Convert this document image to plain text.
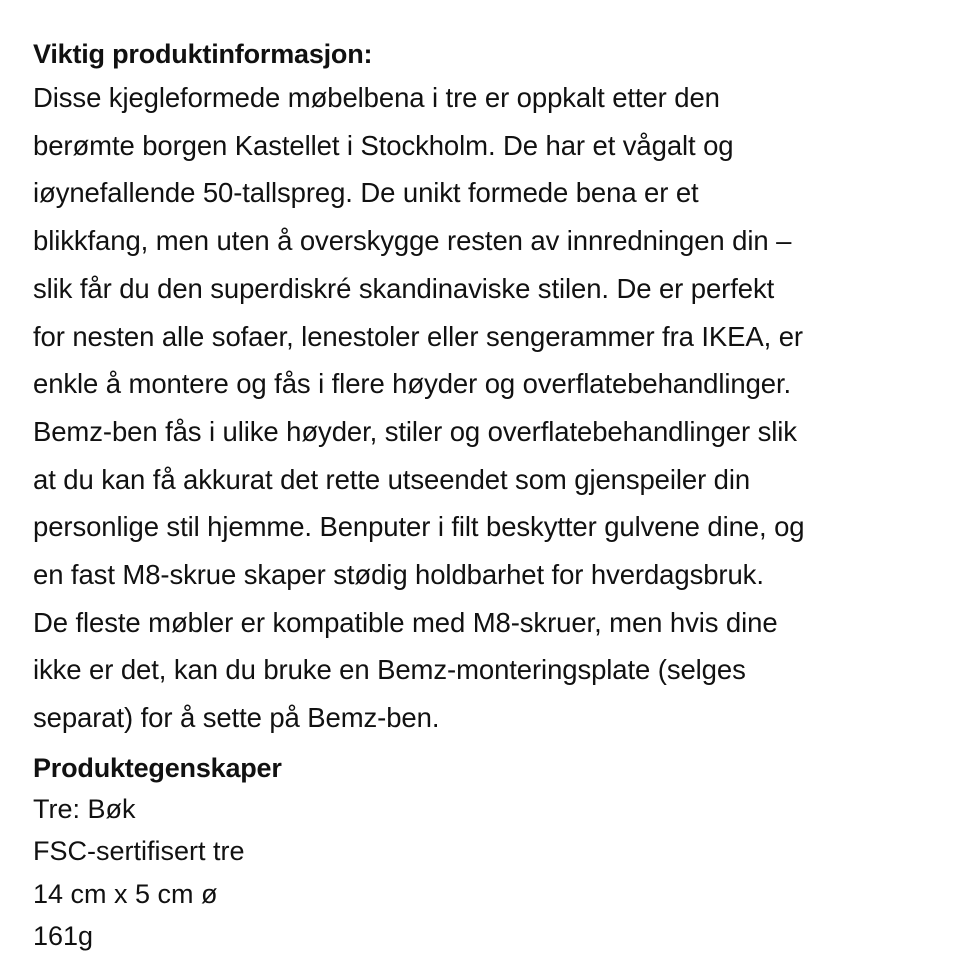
Viktig produktinformasjon:

Disse kjegleformede møbelbena i tre er oppkalt etter den
berømte borgen Kastellet i Stockholm. De har et vågalt og
iøynefallende 50-tallspreg. De unikt formede bena er et
blikkfang, men uten å overskygge resten av innredningen din –
slik får du den superdiskré skandinaviske stilen. De er perfekt
for nesten alle sofaer, lenestoler eller sengerammer fra IKEA, er
enkle å montere og fås i flere høyder og overflatebehandlinger.
Bemz-ben fås i ulike høyder, stiler og overflatebehandlinger slik
at du kan få akkurat det rette utseendet som gjenspeiler din
personlige stil hjemme. Benputer i filt beskytter gulvene dine, og
en fast M8-skrue skaper stødig holdbarhet for hverdagsbruk.
De fleste møbler er kompatible med M8-skruer, men hvis dine
ikke er det, kan du bruke en Bemz-monteringsplate (selges
separat) for å sette på Bemz-ben.

Produktegenskaper
Tre: Bøk
FSC-sertifisert tre
14 cm x 5 cm ø
161g
